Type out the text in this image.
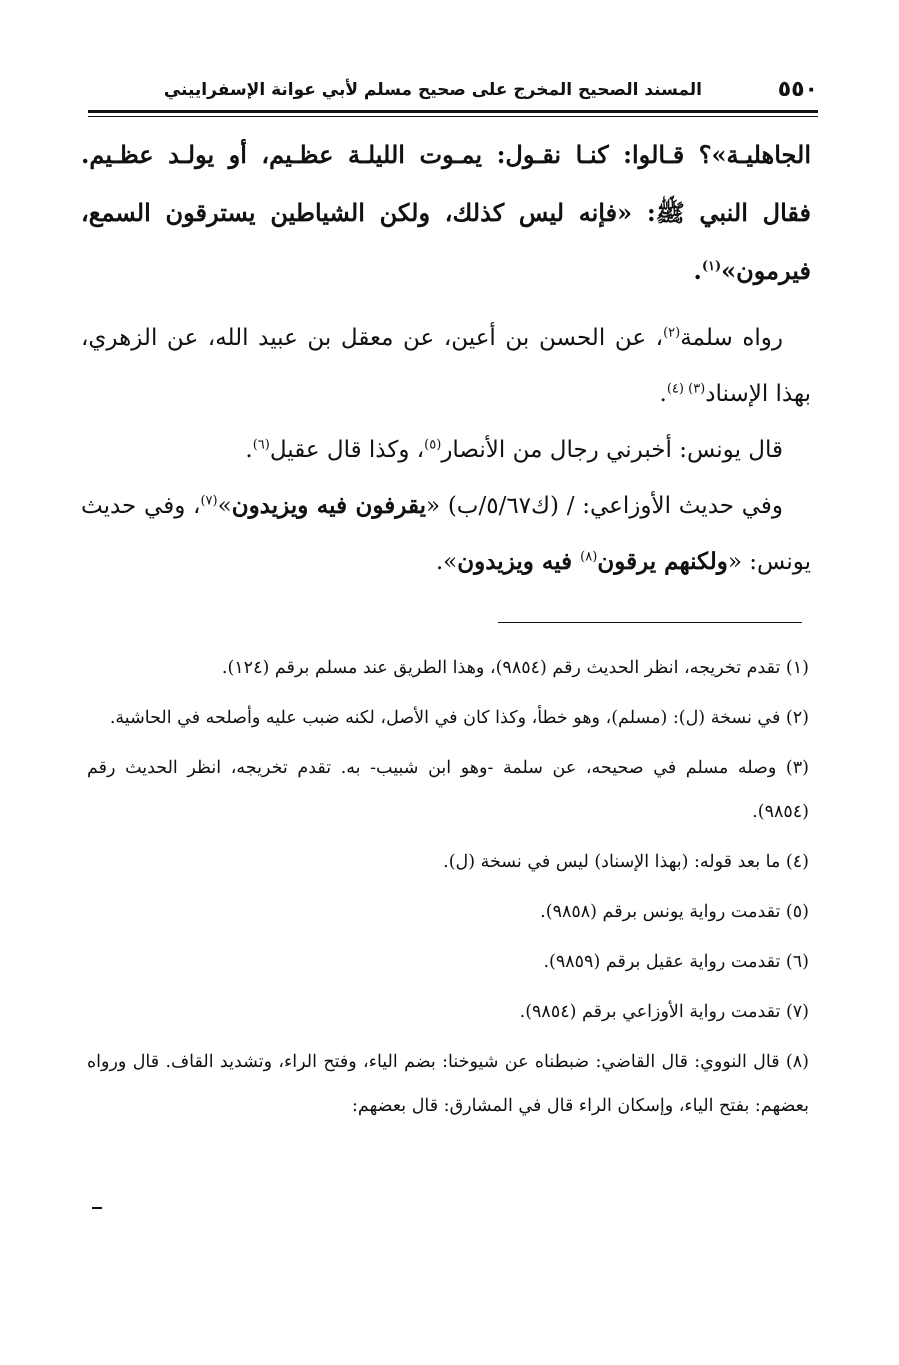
٥٥٠
المسند الصحيح المخرج على صحيح مسلم لأبي عوانة الإسفراييني

الجاهليـة»؟ قـالوا: كنـا نقـول: يمـوت الليلـة عظـيم، أو يولـد عظـيم. فقال النبي ﷺ: «فإنه ليس كذلك، ولكن الشياطين يسترقون السمع، فيرمون»$^{(١)}$.

رواه سلمة$^{(٢)}$، عن الحسن بن أعين، عن معقل بن عبيد الله، عن الزهري، بهذا الإسناد$^{(٣) (٤)}$.

قال يونس: أخبرني رجال من الأنصار$^{(٥)}$، وكذا قال عقيل$^{(٦)}$.

وفي حديث الأوزاعي: / (ك٥/٦٧/ب) «يقرفون فيه ويزيدون»$^{(٧)}$، وفي حديث يونس: «ولكنهم يرقون$^{(٨)}$ فيه ويزيدون».

(١) تقدم تخريجه، انظر الحديث رقم (٩٨٥٤)، وهذا الطريق عند مسلم برقم (١٢٤).

(٢) في نسخة (ل): (مسلم)، وهو خطأ، وكذا كان في الأصل، لكنه ضبب عليه وأصلحه في الحاشية.

(٣) وصله مسلم في صحيحه، عن سلمة -وهو ابن شبيب- به. تقدم تخريجه، انظر الحديث رقم (٩٨٥٤).

(٤) ما بعد قوله: (بهذا الإسناد) ليس في نسخة (ل).

(٥) تقدمت رواية يونس برقم (٩٨٥٨).

(٦) تقدمت رواية عقيل برقم (٩٨٥٩).

(٧) تقدمت رواية الأوزاعي برقم (٩٨٥٤).

(٨) قال النووي: قال القاضي: ضبطناه عن شيوخنا: بضم الياء، وفتح الراء، وتشديد القاف. قال ورواه بعضهم: بفتح الياء، وإسكان الراء قال في المشارق: قال بعضهم:
